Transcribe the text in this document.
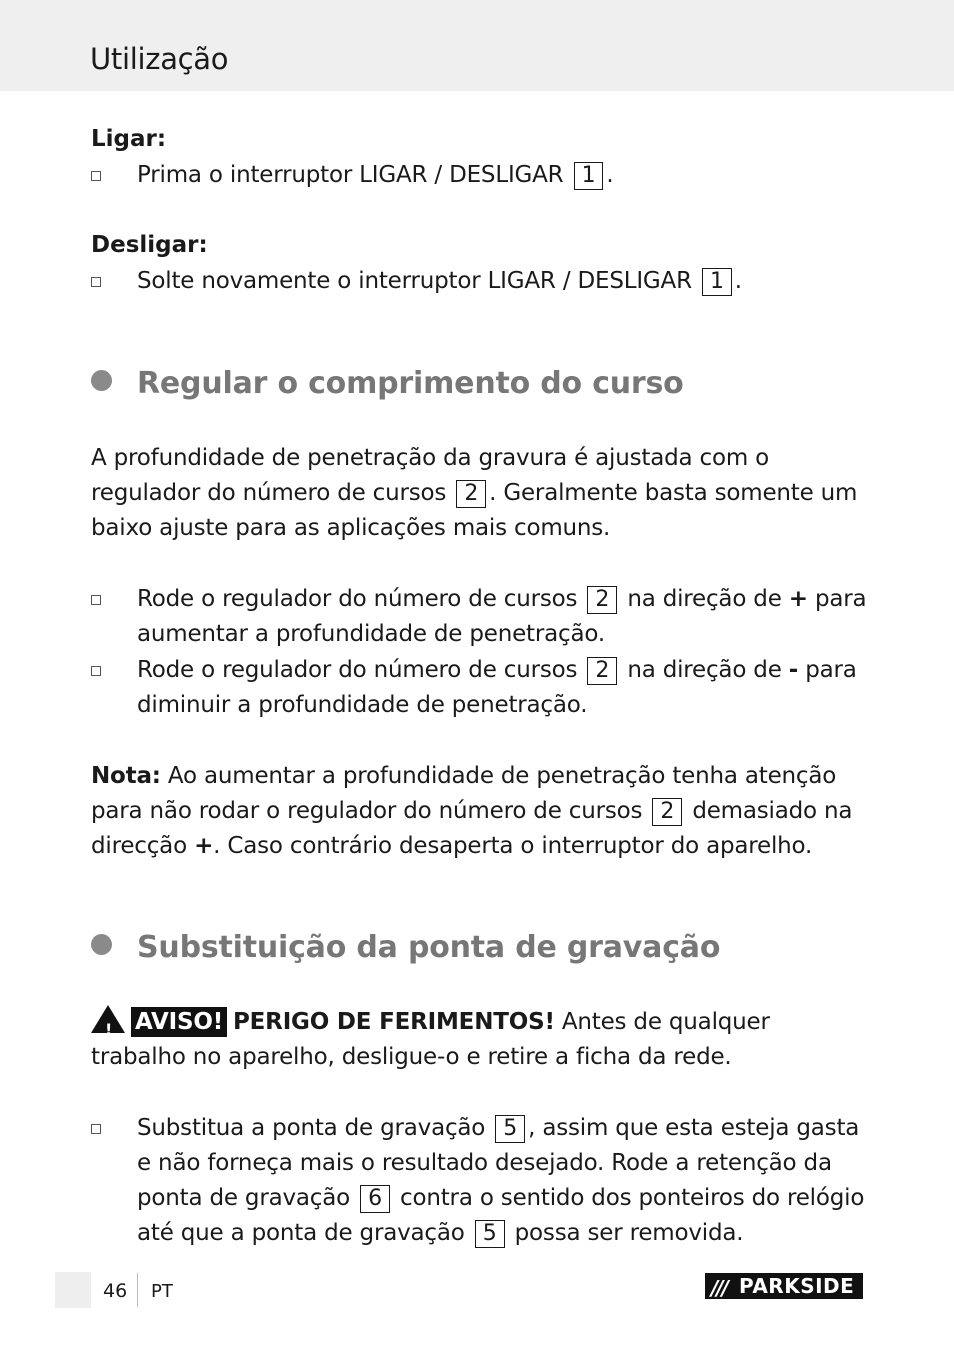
Utilização
Ligar:
Prima o interruptor LIGAR / DESLIGAR 1 .
Desligar:
Solte novamente o interruptor LIGAR / DESLIGAR 1 .
Regular o comprimento do curso
A profundidade de penetração da gravura é ajustada com o regulador do número de cursos 2 . Geralmente basta somente um baixo ajuste para as aplicações mais comuns.
Rode o regulador do número de cursos 2 na direção de + para aumentar a profundidade de penetração.
Rode o regulador do número de cursos 2 na direção de - para diminuir a profundidade de penetração.
Nota: Ao aumentar a profundidade de penetração tenha atenção para não rodar o regulador do número de cursos 2 demasiado na direcção +. Caso contrário desaperta o interruptor do aparelho.
Substituição da ponta de gravação
! AVISO! PERIGO DE FERIMENTOS! Antes de qualquer trabalho no aparelho, desligue-o e retire a ficha da rede.
Substitua a ponta de gravação 5 , assim que esta esteja gasta e não forneça mais o resultado desejado. Rode a retenção da ponta de gravação 6 contra o sentido dos ponteiros do relógio até que a ponta de gravação 5 possa ser removida.
46 PT	/// PARKSIDE
